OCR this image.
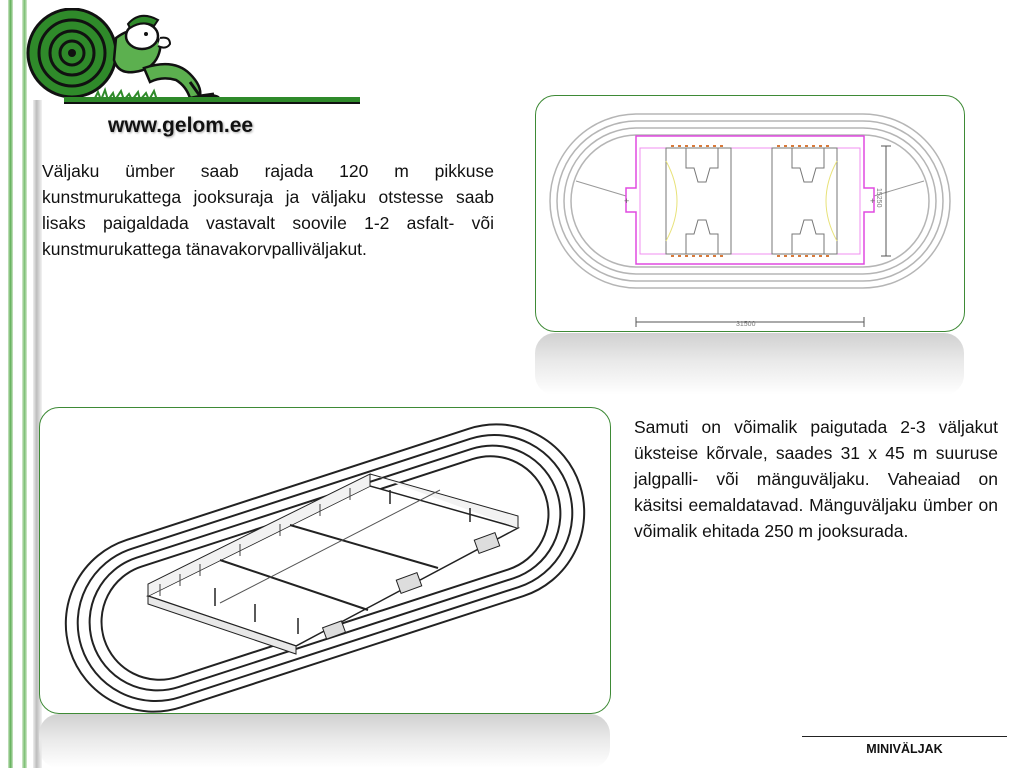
www.gelom.ee

Väljaku ümber saab rajada 120 m pikkuse kunstmurukattega jooksuraja ja väljaku otstesse saab lisaks paigaldada vastavalt soovile 1-2 asfalt- või kunstmurukattega tänavakorvpalliväljakut.

Samuti on võimalik paigutada 2-3 väljakut üksteise kõrvale, saades 31 x 45 m suuruse jalgpalli- või mänguväljaku. Vaheaiad on käsitsi eemaldatavad. Mänguväljaku ümber on võimalik ehitada 250 m jooksurada.

+	+ 15250
31500

MINIVÄLJAK
